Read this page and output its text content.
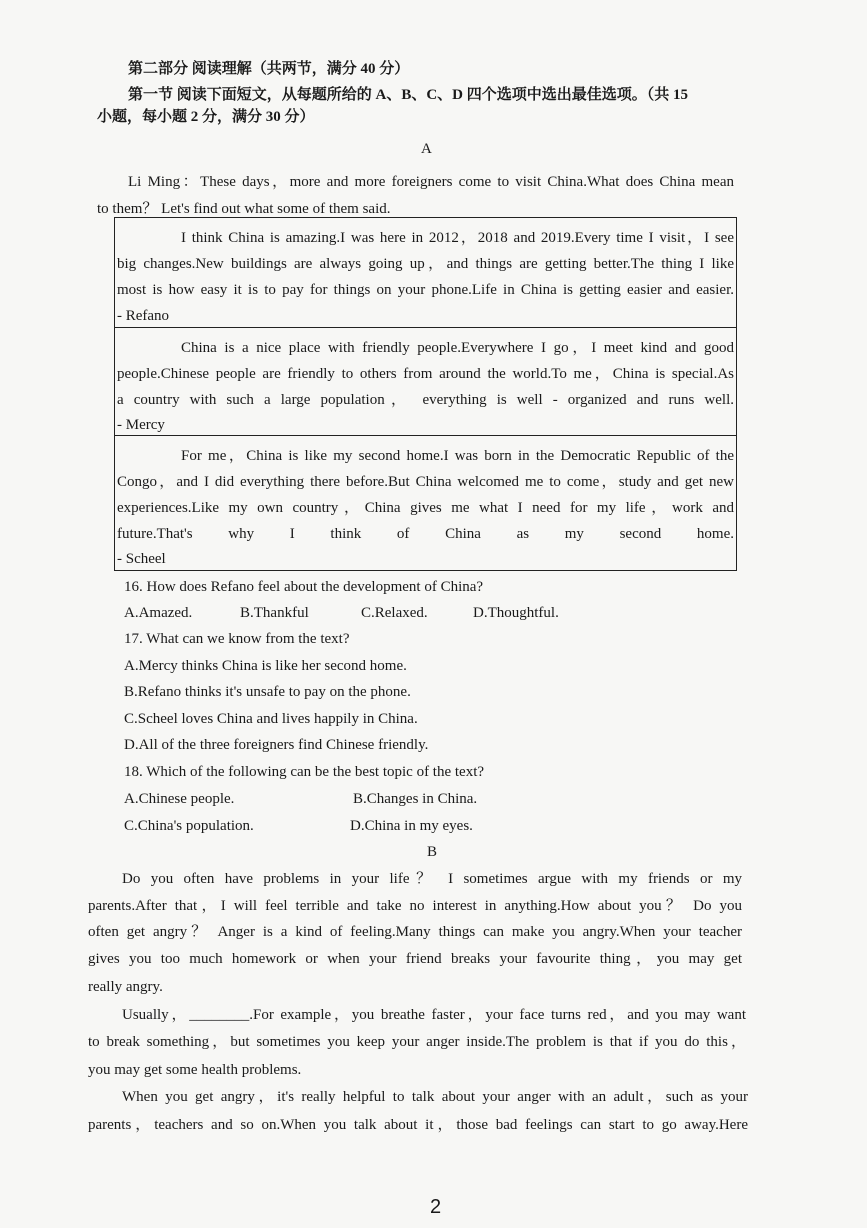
第二部分 阅读理解（共两节，满分 40 分）
第一节 阅读下面短文，从每题所给的 A、B、C、D 四个选项中选出最佳选项。（共 15
小题，每小题 2 分，满分 30 分）
A
Li Ming：These days，more and more foreigners come to visit China.What does China mean
to them？ Let's find out what some of them said.
I think China is amazing.I was here in 2012，2018 and 2019.Every time I visit，I see
big changes.New buildings are always going up，and things are getting better.The thing I like
most is how easy it is to pay for things on your phone.Life in China is getting easier and easier.
- Refano
China is a nice place with friendly people.Everywhere I go，I meet kind and good
people.Chinese people are friendly to others from around the world.To me，China is special.As
a country with such a large population， everything is well - organized and runs well.
- Mercy
For me，China is like my second home.I was born in the Democratic Republic of the
Congo，and I did everything there before.But China welcomed me to come，study and get new
experiences.Like my own country，China gives me what I need for my life，work and
future.That's why I think of China as my second home.
- Scheel
16. How does Refano feel about the development of China?
A.Amazed.	B.Thankful	C.Relaxed.	D.Thoughtful.
17. What can we know from the text?
A.Mercy thinks China is like her second home.
B.Refano thinks it's unsafe to pay on the phone.
C.Scheel loves China and lives happily in China.
D.All of the three foreigners find Chinese friendly.
18. Which of the following can be the best topic of the text?
A.Chinese people.	B.Changes in China.
C.China's population.	D.China in my eyes.
B
Do you often have problems in your life？ I sometimes argue with my friends or my
parents.After that，I will feel terrible and take no interest in anything.How about you？ Do you
often get angry？ Anger is a kind of feeling.Many things can make you angry.When your teacher
gives you too much homework or when your friend breaks your favourite thing，you may get
really angry.
Usually，________.For example，you breathe faster，your face turns red，and you may want
to break something，but sometimes you keep your anger inside.The problem is that if you do this，
you may get some health problems.
When you get angry，it's really helpful to talk about your anger with an adult，such as your
parents，teachers and so on.When you talk about it，those bad feelings can start to go away.Here
2
